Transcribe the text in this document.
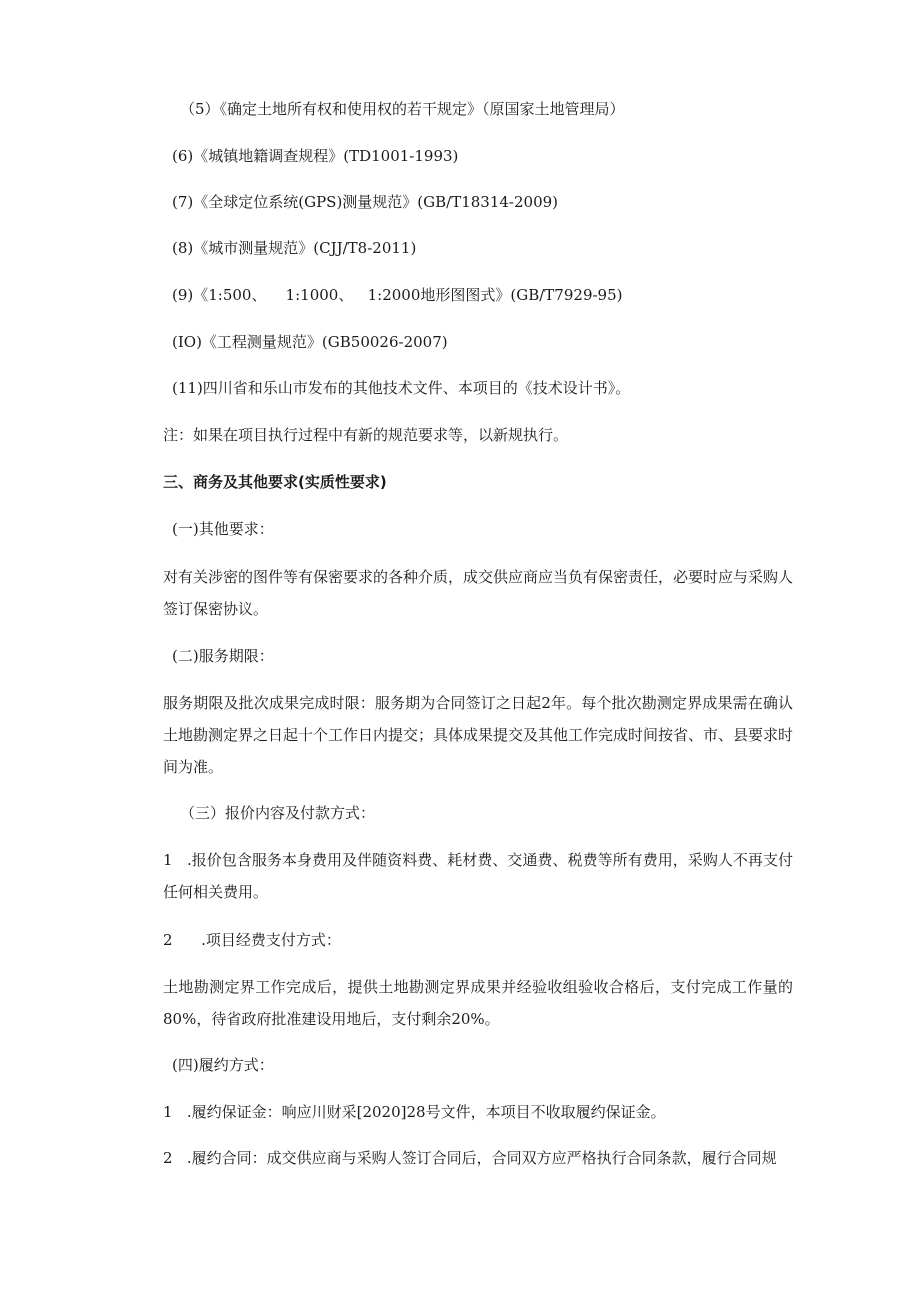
（5）《确定土地所有权和使用权的若干规定》（原国家土地管理局）
(6)《城镇地籍调查规程》(TD1001-1993)
(7)《全球定位系统(GPS)测量规范》(GB/T18314-2009)
(8)《城市测量规范》(CJJ/T8-2011)
(9)《1:500、    1:1000、   1:2000地形图图式》(GB/T7929-95)
(IO)《工程测量规范》(GB50026-2007)
(11)四川省和乐山市发布的其他技术文件、本项目的《技术设计书》。
注：如果在项目执行过程中有新的规范要求等，以新规执行。
三、商务及其他要求(实质性要求)
(一)其他要求：
对有关涉密的图件等有保密要求的各种介质，成交供应商应当负有保密责任，必要时应与采购人签订保密协议。
(二)服务期限：
服务期限及批次成果完成时限：服务期为合同签订之日起2年。每个批次勘测定界成果需在确认土地勘测定界之日起十个工作日内提交；具体成果提交及其他工作完成时间按省、市、县要求时间为准。
（三）报价内容及付款方式：
1   .报价包含服务本身费用及伴随资料费、耗材费、交通费、税费等所有费用，采购人不再支付任何相关费用。
2      .项目经费支付方式：
土地勘测定界工作完成后，提供土地勘测定界成果并经验收组验收合格后，支付完成工作量的80%，待省政府批准建设用地后，支付剩余20%。
(四)履约方式：
1   .履约保证金：响应川财采[2020]28号文件，本项目不收取履约保证金。
2   .履约合同：成交供应商与采购人签订合同后，合同双方应严格执行合同条款，履行合同规
